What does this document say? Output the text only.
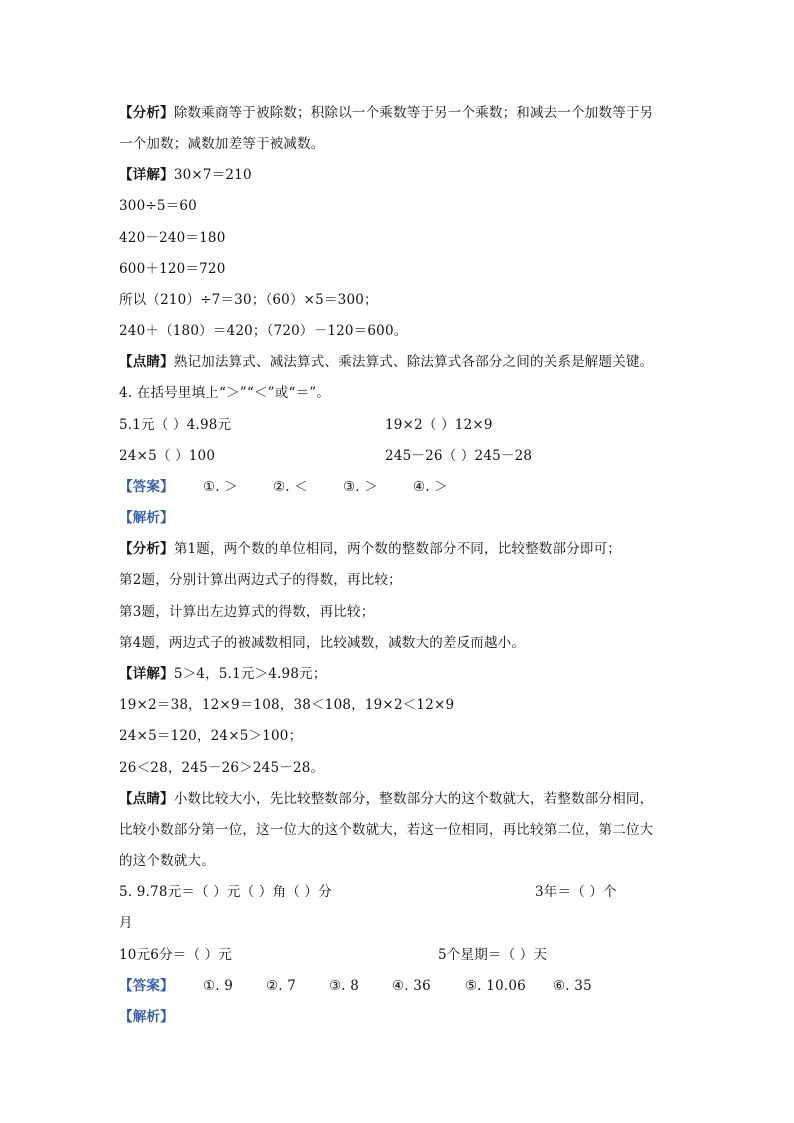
【分析】除数乘商等于被除数；积除以一个乘数等于另一个乘数；和减去一个加数等于另
一个加数；减数加差等于被减数。
【详解】30×7＝210
300÷5＝60
420－240＝180
600＋120＝720
所以（210）÷7＝30；（60）×5＝300；
240＋（180）＝420；（720）－120＝600。
【点睛】熟记加法算式、减法算式、乘法算式、除法算式各部分之间的关系是解题关键。
4. 在括号里填上“＞”“＜”或“＝”。
5.1元（ ）4.98元	19×2（ ）12×9
24×5（ ）100	245－26（ ）245－28
【答案】 ①. ＞	②. ＜	③. ＞	④. ＞
【解析】
【分析】第1题，两个数的单位相同，两个数的整数部分不同，比较整数部分即可；
第2题，分别计算出两边式子的得数，再比较；
第3题，计算出左边算式的得数，再比较；
第4题，两边式子的被减数相同，比较减数，减数大的差反而越小。
【详解】5＞4，5.1元＞4.98元；
19×2＝38，12×9＝108，38＜108，19×2＜12×9
24×5＝120，24×5＞100；
26＜28，245－26＞245－28。
【点睛】小数比较大小，先比较整数部分，整数部分大的这个数就大，若整数部分相同，
比较小数部分第一位，这一位大的这个数就大，若这一位相同，再比较第二位，第二位大
的这个数就大。
5. 9.78元＝（ ）元（ ）角（ ）分	3年＝（ ）个
月
10元6分＝（ ）元	5个星期＝（ ）天
【答案】 ①. 9 ②. 7 ③. 8 ④. 36	⑤. 10.06 ⑥. 35
【解析】
